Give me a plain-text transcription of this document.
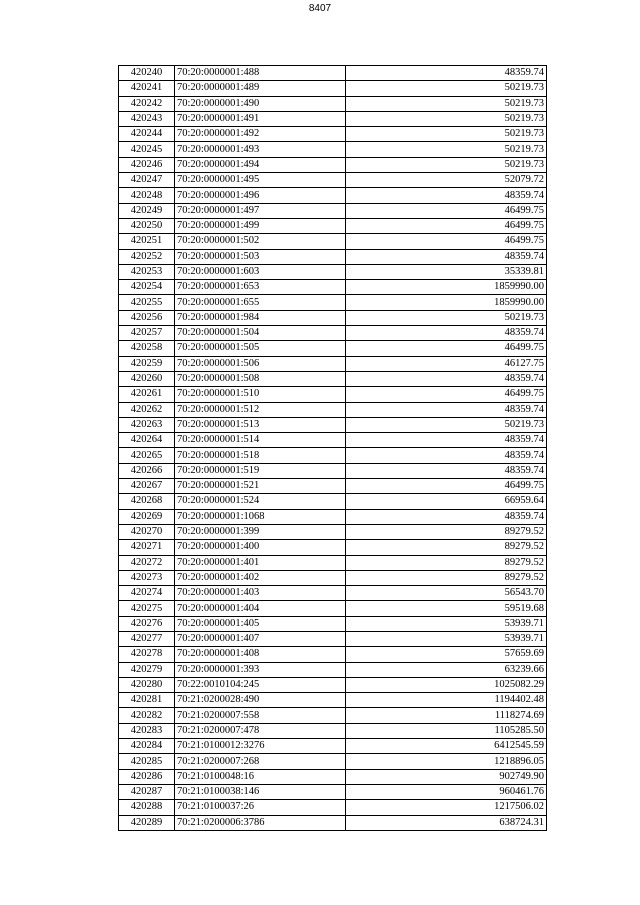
8407
420240	70:20:0000001:488	48359.74
420241	70:20:0000001:489	50219.73
420242	70:20:0000001:490	50219.73
420243	70:20:0000001:491	50219.73
420244	70:20:0000001:492	50219.73
420245	70:20:0000001:493	50219.73
420246	70:20:0000001:494	50219.73
420247	70:20:0000001:495	52079.72
420248	70:20:0000001:496	48359.74
420249	70:20:0000001:497	46499.75
420250	70:20:0000001:499	46499.75
420251	70:20:0000001:502	46499.75
420252	70:20:0000001:503	48359.74
420253	70:20:0000001:603	35339.81
420254	70:20:0000001:653	1859990.00
420255	70:20:0000001:655	1859990.00
420256	70:20:0000001:984	50219.73
420257	70:20:0000001:504	48359.74
420258	70:20:0000001:505	46499.75
420259	70:20:0000001:506	46127.75
420260	70:20:0000001:508	48359.74
420261	70:20:0000001:510	46499.75
420262	70:20:0000001:512	48359.74
420263	70:20:0000001:513	50219.73
420264	70:20:0000001:514	48359.74
420265	70:20:0000001:518	48359.74
420266	70:20:0000001:519	48359.74
420267	70:20:0000001:521	46499.75
420268	70:20:0000001:524	66959.64
420269	70:20:0000001:1068	48359.74
420270	70:20:0000001:399	89279.52
420271	70:20:0000001:400	89279.52
420272	70:20:0000001:401	89279.52
420273	70:20:0000001:402	89279.52
420274	70:20:0000001:403	56543.70
420275	70:20:0000001:404	59519.68
420276	70:20:0000001:405	53939.71
420277	70:20:0000001:407	53939.71
420278	70:20:0000001:408	57659.69
420279	70:20:0000001:393	63239.66
420280	70:22:0010104:245	1025082.29
420281	70:21:0200028:490	1194402.48
420282	70:21:0200007:558	1118274.69
420283	70:21:0200007:478	1105285.50
420284	70:21:0100012:3276	6412545.59
420285	70:21:0200007:268	1218896.05
420286	70:21:0100048:16	902749.90
420287	70:21:0100038:146	960461.76
420288	70:21:0100037:26	1217506.02
420289	70:21:0200006:3786	638724.31
